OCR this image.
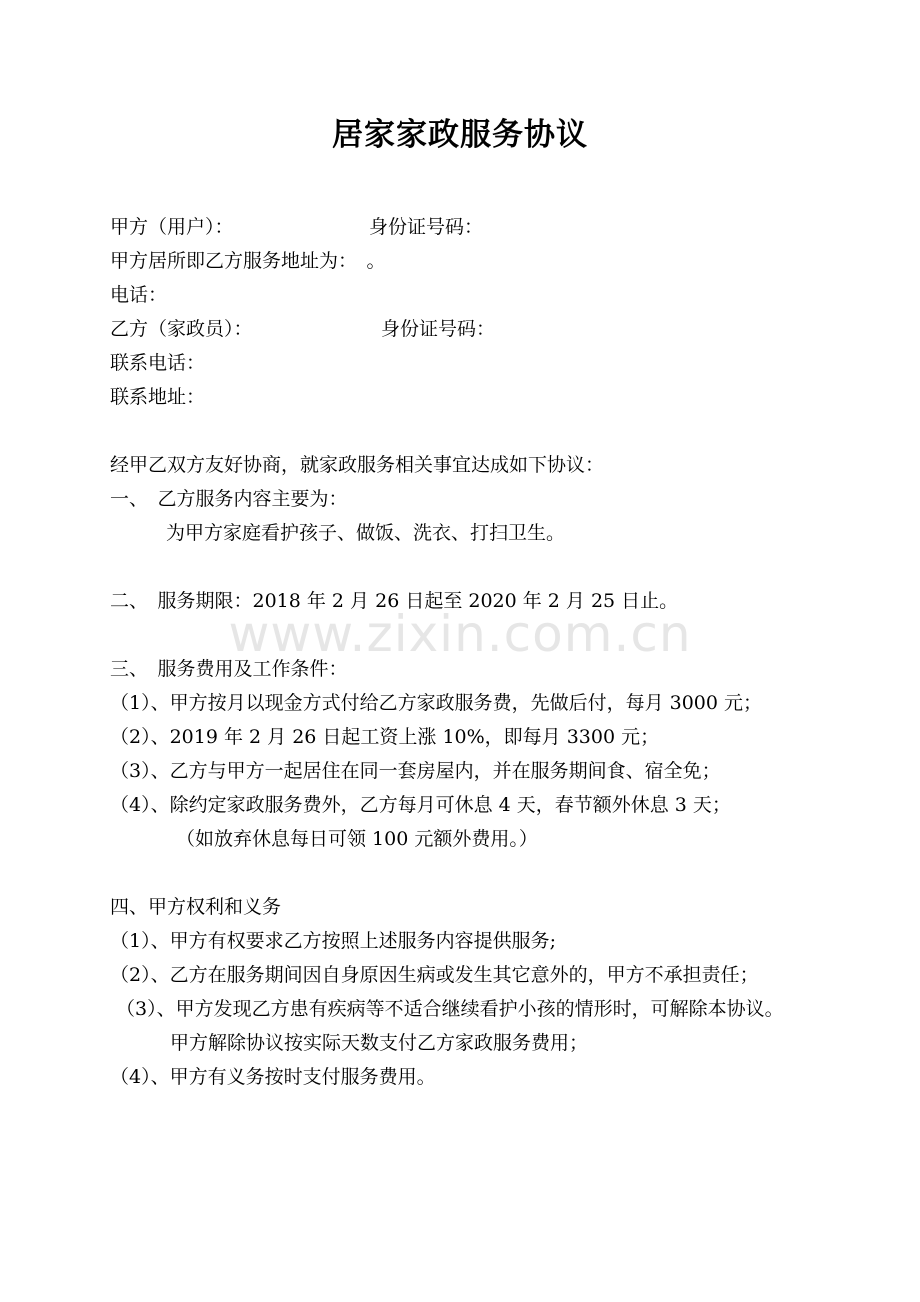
居家家政服务协议
甲方（用户）：	身份证号码：
甲方居所即乙方服务地址为：　。
电话：
乙方（家政员）：	身份证号码：
联系电话：
联系地址：
经甲乙双方友好协商，就家政服务相关事宜达成如下协议：
一、　乙方服务内容主要为：
为甲方家庭看护孩子、做饭、洗衣、打扫卫生。
二、　服务期限：2018 年 2 月 26 日起至 2020 年 2 月 25 日止。
www.zixin.com.cn
三、　服务费用及工作条件：
（1）、甲方按月以现金方式付给乙方家政服务费，先做后付，每月 3000 元；
（2）、2019 年 2 月 26 日起工资上涨 10%，即每月 3300 元；
（3）、乙方与甲方一起居住在同一套房屋内，并在服务期间食、宿全免；
（4）、除约定家政服务费外，乙方每月可休息 4 天，春节额外休息 3 天；
（如放弃休息每日可领 100 元额外费用。）
四、甲方权利和义务
（1）、甲方有权要求乙方按照上述服务内容提供服务;
（2）、乙方在服务期间因自身原因生病或发生其它意外的，甲方不承担责任；
（3）、甲方发现乙方患有疾病等不适合继续看护小孩的情形时，可解除本协议。
甲方解除协议按实际天数支付乙方家政服务费用；
（4）、甲方有义务按时支付服务费用。
